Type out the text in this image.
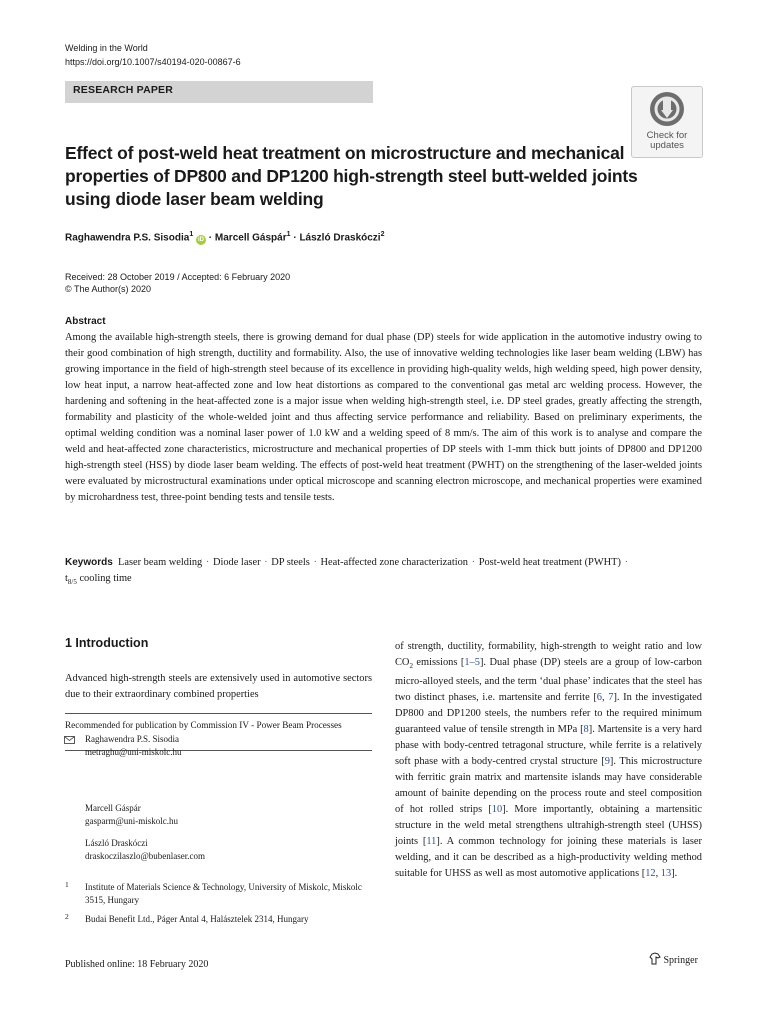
Welding in the World
https://doi.org/10.1007/s40194-020-00867-6
RESEARCH PAPER
Check for
updates
Effect of post-weld heat treatment on microstructure and mechanical properties of DP800 and DP1200 high-strength steel butt-welded joints using diode laser beam welding
Raghawendra P.S. Sisodia$^1$ iD · Marcell Gáspár$^1$ · László Draskóczi$^2$
Received: 28 October 2019 / Accepted: 6 February 2020
© The Author(s) 2020
Abstract
Among the available high-strength steels, there is growing demand for dual phase (DP) steels for wide application in the automotive industry owing to their good combination of high strength, ductility and formability. Also, the use of innovative welding technologies like laser beam welding (LBW) has growing importance in the field of high-strength steel because of its excellence in providing high-quality welds, high welding speed, high power density, low heat input, a narrow heat-affected zone and low heat distortions as compared to the conventional gas metal arc welding process. However, the hardening and softening in the heat-affected zone is a major issue when welding high-strength steel, i.e. DP steel grades, greatly affecting the strength, formability and plasticity of the whole-welded joint and thus affecting service performance and reliability. Based on preliminary experiments, the optimal welding condition was a nominal laser power of 1.0 kW and a welding speed of 8 mm/s. The aim of this work is to analyse and compare the weld and heat-affected zone characteristics, microstructure and mechanical properties of DP steels with 1-mm thick butt joints of DP800 and DP1200 high-strength steel (HSS) by diode laser beam welding. The effects of post-weld heat treatment (PWHT) on the strengthening of the laser-welded joints were evaluated by microstructural examinations under optical microscope and scanning electron microscope, and mechanical properties were examined by microhardness test, three-point bending tests and tensile tests.
Keywords Laser beam welding · Diode laser · DP steels · Heat-affected zone characterization · Post-weld heat treatment (PWHT) ·
$t_{8/5}$ cooling time
1 Introduction
Advanced high-strength steels are extensively used in automotive sectors due to their extraordinary combined properties
Recommended for publication by Commission IV - Power Beam Processes
Raghawendra P.S. Sisodia
metraghu@uni-miskolc.hu
Marcell Gáspár
gasparm@uni-miskolc.hu
László Draskóczi
draskoczilaszlo@bubenlaser.com
1 Institute of Materials Science & Technology, University of Miskolc, Miskolc 3515, Hungary
2 Budai Benefit Ltd., Páger Antal 4, Halásztelek 2314, Hungary
of strength, ductility, formability, high-strength to weight ratio and low $CO_2$ emissions [1–5]. Dual phase (DP) steels are a group of low-carbon micro-alloyed steels, and the term ‘dual phase’ indicates that the steel has two distinct phases, i.e. martensite and ferrite [6, 7]. In the investigated DP800 and DP1200 steels, the numbers refer to the required minimum guaranteed value of tensile strength in MPa [8]. Martensite is a very hard phase with body-centred tetragonal structure, while ferrite is a relatively soft phase with a body-centred crystal structure [9]. This microstructure with ferritic grain matrix and martensite islands may have considerable amount of bainite depending on the process route and steel composition of hot rolled strips [10]. More importantly, obtaining a martensitic structure in the weld metal strengthens ultrahigh-strength steel (UHSS) joints [11]. A common technology for joining these materials is laser welding, and it can be described as a high-productivity welding method suitable for UHSS as well as most automotive applications [12, 13].
Published online: 18 February 2020	Springer
